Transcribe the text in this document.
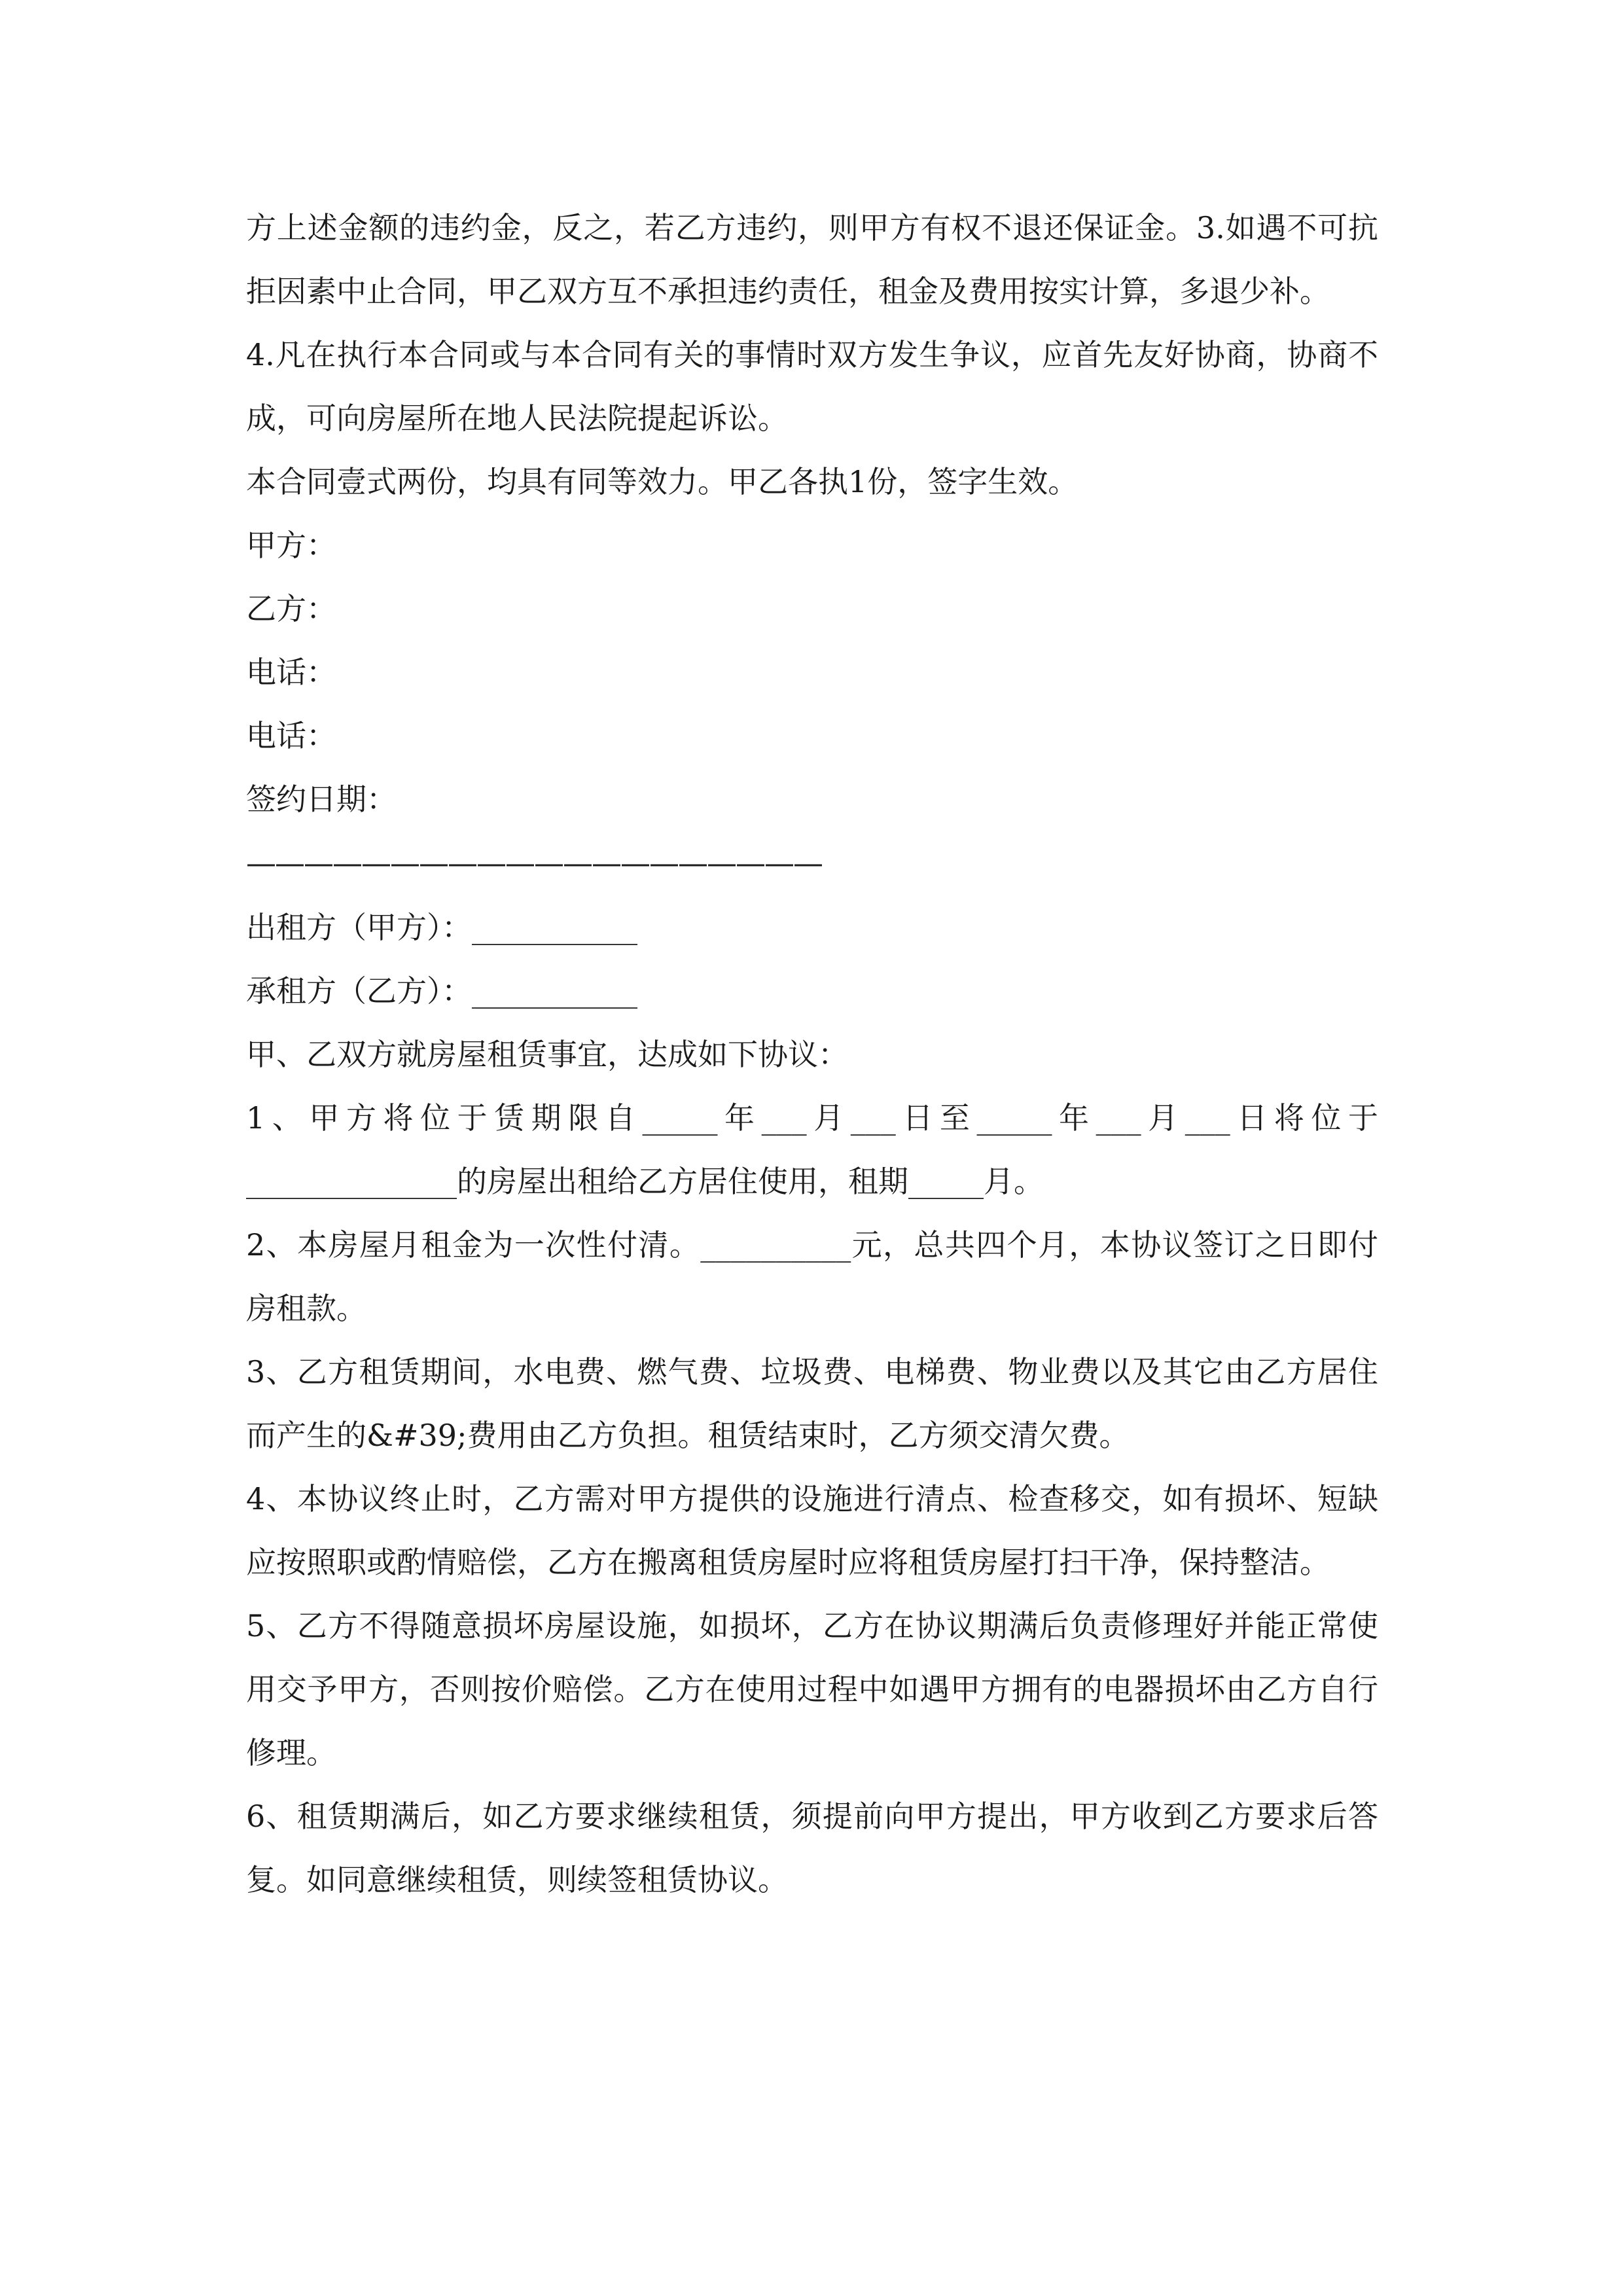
方上述金额的违约金，反之，若乙方违约，则甲方有权不退还保证金。3.如遇不可抗拒因素中止合同，甲乙双方互不承担违约责任，租金及费用按实计算，多退少补。

4.凡在执行本合同或与本合同有关的事情时双方发生争议，应首先友好协商，协商不成，可向房屋所在地人民法院提起诉讼。

本合同壹式两份，均具有同等效力。甲乙各执1份，签字生效。

甲方：

乙方：

电话：

电话：

签约日期：

————————————————————

出租方（甲方）：___________

承租方（乙方）：___________

甲、乙双方就房屋租赁事宜，达成如下协议：

1、甲方将位于赁期限自_____年___月___日至_____年___月___日将位于______________的房屋出租给乙方居住使用，租期_____月。

2、本房屋月租金为一次性付清。__________元，总共四个月，本协议签订之日即付房租款。

3、乙方租赁期间，水电费、燃气费、垃圾费、电梯费、物业费以及其它由乙方居住而产生的&#39;费用由乙方负担。租赁结束时，乙方须交清欠费。

4、本协议终止时，乙方需对甲方提供的设施进行清点、检查移交，如有损坏、短缺应按照职或酌情赔偿，乙方在搬离租赁房屋时应将租赁房屋打扫干净，保持整洁。

5、乙方不得随意损坏房屋设施，如损坏，乙方在协议期满后负责修理好并能正常使用交予甲方，否则按价赔偿。乙方在使用过程中如遇甲方拥有的电器损坏由乙方自行修理。

6、租赁期满后，如乙方要求继续租赁，须提前向甲方提出，甲方收到乙方要求后答复。如同意继续租赁，则续签租赁协议。
